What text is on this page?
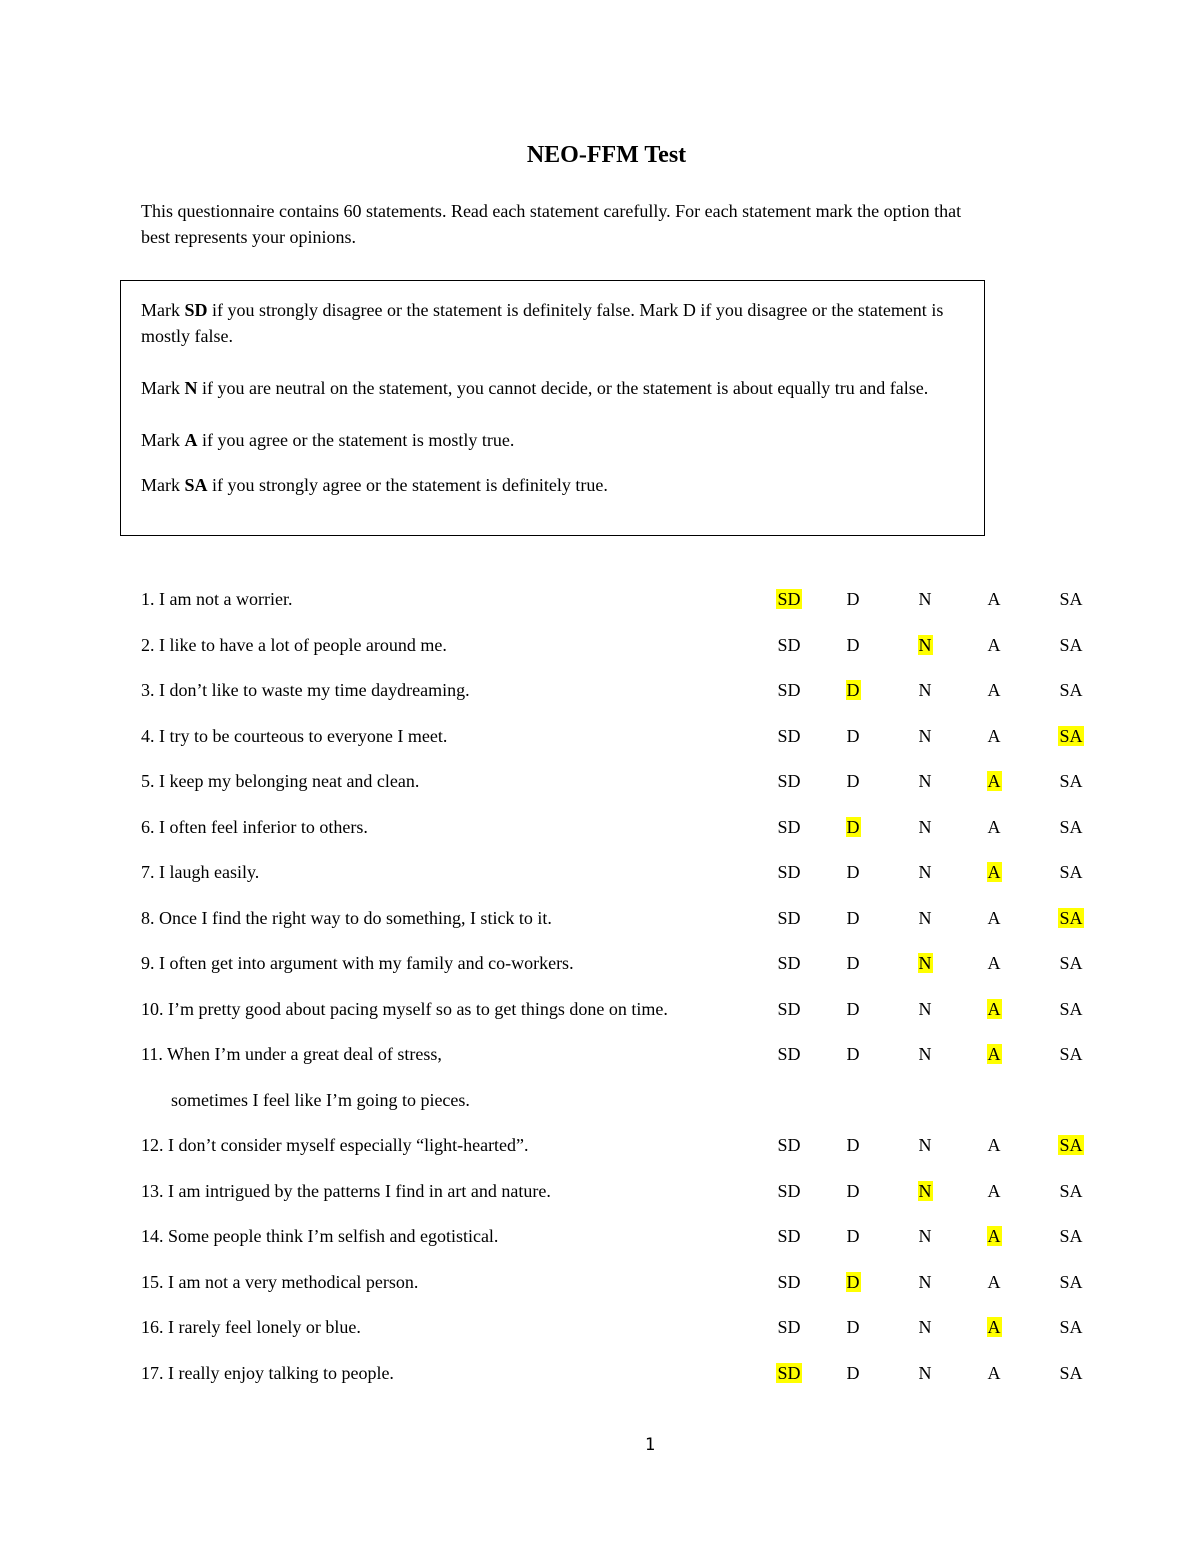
NEO-FFM Test
This questionnaire contains 60 statements. Read each statement carefully. For each statement mark the option that best represents your opinions.

Mark SD if you strongly disagree or the statement is definitely false. Mark D if you disagree or the statement is mostly false.

Mark N if you are neutral on the statement, you cannot decide, or the statement is about equally tru and false.

Mark A if you agree or the statement is mostly true.

Mark SA if you strongly agree or the statement is definitely true.

1. I am not a worrier.	SD	D	N	A	SA
2. I like to have a lot of people around me.	SD	D	N	A	SA
3. I don’t like to waste my time daydreaming.	SD	D	N	A	SA
4. I try to be courteous to everyone I meet.	SD	D	N	A	SA
5. I keep my belonging neat and clean.	SD	D	N	A	SA
6. I often feel inferior to others.	SD	D	N	A	SA
7. I laugh easily.	SD	D	N	A	SA
8. Once I find the right way to do something, I stick to it.	SD	D	N	A	SA
9. I often get into argument with my family and co-workers.	SD	D	N	A	SA
10. I’m pretty good about pacing myself so as to get things done on time.	SD	D	N	A	SA
11. When I’m under a great deal of stress,	SD	D	N	A	SA
sometimes I feel like I’m going to pieces.
12. I don’t consider myself especially “light-hearted”.	SD	D	N	A	SA
13. I am intrigued by the patterns I find in art and nature.	SD	D	N	A	SA
14. Some people think I’m selfish and egotistical.	SD	D	N	A	SA
15. I am not a very methodical person.	SD	D	N	A	SA
16. I rarely feel lonely or blue.	SD	D	N	A	SA
17. I really enjoy talking to people.	SD	D	N	A	SA
1
